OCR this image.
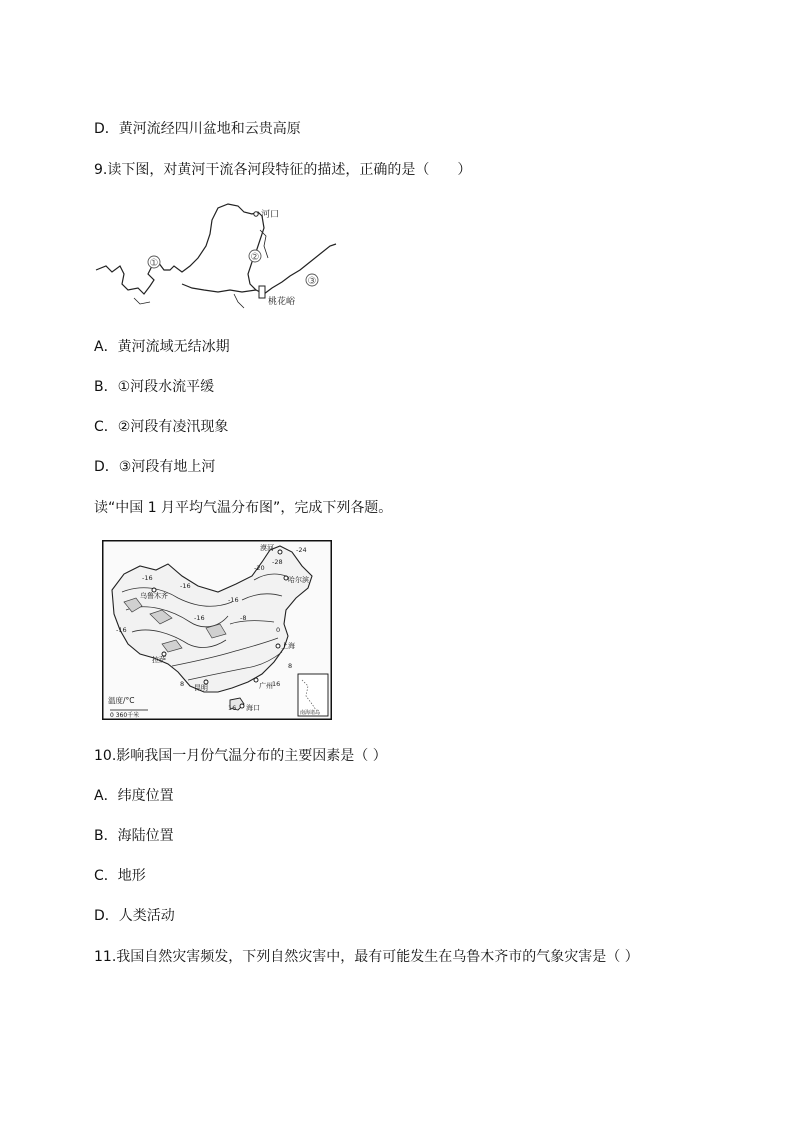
D．黄河流经四川盆地和云贵高原
9.读下图，对黄河干流各河段特征的描述，正确的是（　　）
①
②
③
河口
桃花峪
A．黄河流域无结冰期
B．①河段水流平缓
C．②河段有凌汛现象
D．③河段有地上河
读“中国 1 月平均气温分布图”，完成下列各题。
漠河
哈尔滨
乌鲁木齐
拉萨
昆明
上海
广州
海口
-24
-28
-20
-16
-16
-16
-16
-16	-8
0
8
8
16
16
温度/°C
0 360千米	南海诸岛
10.影响我国一月份气温分布的主要因素是（ ）
A．纬度位置
B．海陆位置
C．地形
D．人类活动
11.我国自然灾害频发，下列自然灾害中，最有可能发生在乌鲁木齐市的气象灾害是（ ）
